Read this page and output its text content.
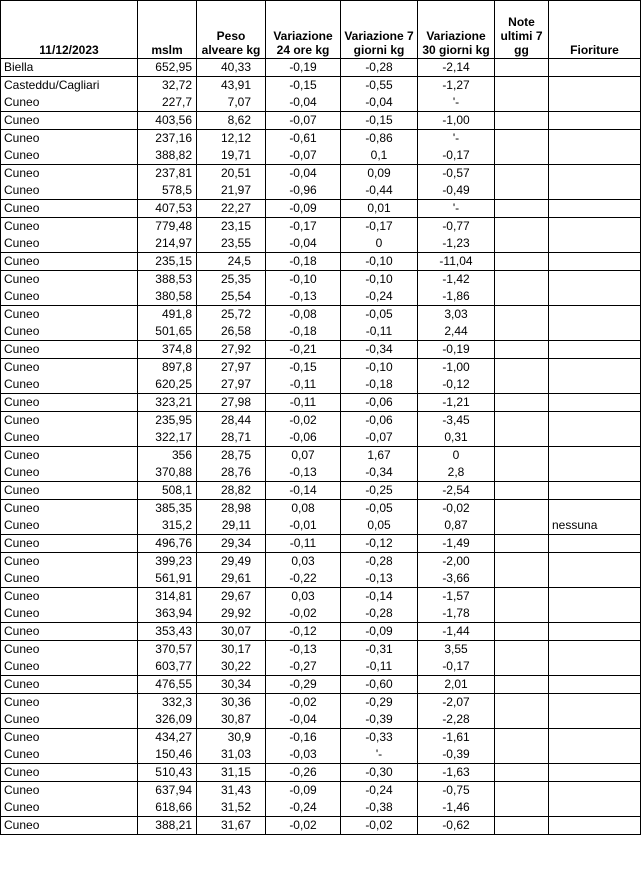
11/12/2023	mslm	Peso alveare kg	Variazione 24 ore kg	Variazione 7 giorni kg	Variazione 30 giorni kg	Note ultimi 7 gg	Fioriture
Biella	652,95	40,33	-0,19	-0,28	-2,14		
Casteddu/Cagliari	32,72	43,91	-0,15	-0,55	-1,27		
Cuneo	227,7	7,07	-0,04	-0,04	'-		
Cuneo	403,56	8,62	-0,07	-0,15	-1,00		
Cuneo	237,16	12,12	-0,61	-0,86	'-		
Cuneo	388,82	19,71	-0,07	0,1	-0,17		
Cuneo	237,81	20,51	-0,04	0,09	-0,57		
Cuneo	578,5	21,97	-0,96	-0,44	-0,49		
Cuneo	407,53	22,27	-0,09	0,01	'-		
Cuneo	779,48	23,15	-0,17	-0,17	-0,77		
Cuneo	214,97	23,55	-0,04	0	-1,23		
Cuneo	235,15	24,5	-0,18	-0,10	-11,04		
Cuneo	388,53	25,35	-0,10	-0,10	-1,42		
Cuneo	380,58	25,54	-0,13	-0,24	-1,86		
Cuneo	491,8	25,72	-0,08	-0,05	3,03		
Cuneo	501,65	26,58	-0,18	-0,11	2,44		
Cuneo	374,8	27,92	-0,21	-0,34	-0,19		
Cuneo	897,8	27,97	-0,15	-0,10	-1,00		
Cuneo	620,25	27,97	-0,11	-0,18	-0,12		
Cuneo	323,21	27,98	-0,11	-0,06	-1,21		
Cuneo	235,95	28,44	-0,02	-0,06	-3,45		
Cuneo	322,17	28,71	-0,06	-0,07	0,31		
Cuneo	356	28,75	0,07	1,67	0		
Cuneo	370,88	28,76	-0,13	-0,34	2,8		
Cuneo	508,1	28,82	-0,14	-0,25	-2,54		
Cuneo	385,35	28,98	0,08	-0,05	-0,02		
Cuneo	315,2	29,11	-0,01	0,05	0,87		nessuna
Cuneo	496,76	29,34	-0,11	-0,12	-1,49		
Cuneo	399,23	29,49	0,03	-0,28	-2,00		
Cuneo	561,91	29,61	-0,22	-0,13	-3,66		
Cuneo	314,81	29,67	0,03	-0,14	-1,57		
Cuneo	363,94	29,92	-0,02	-0,28	-1,78		
Cuneo	353,43	30,07	-0,12	-0,09	-1,44		
Cuneo	370,57	30,17	-0,13	-0,31	3,55		
Cuneo	603,77	30,22	-0,27	-0,11	-0,17		
Cuneo	476,55	30,34	-0,29	-0,60	2,01		
Cuneo	332,3	30,36	-0,02	-0,29	-2,07		
Cuneo	326,09	30,87	-0,04	-0,39	-2,28		
Cuneo	434,27	30,9	-0,16	-0,33	-1,61		
Cuneo	150,46	31,03	-0,03	'-	-0,39		
Cuneo	510,43	31,15	-0,26	-0,30	-1,63		
Cuneo	637,94	31,43	-0,09	-0,24	-0,75		
Cuneo	618,66	31,52	-0,24	-0,38	-1,46		
Cuneo	388,21	31,67	-0,02	-0,02	-0,62		
